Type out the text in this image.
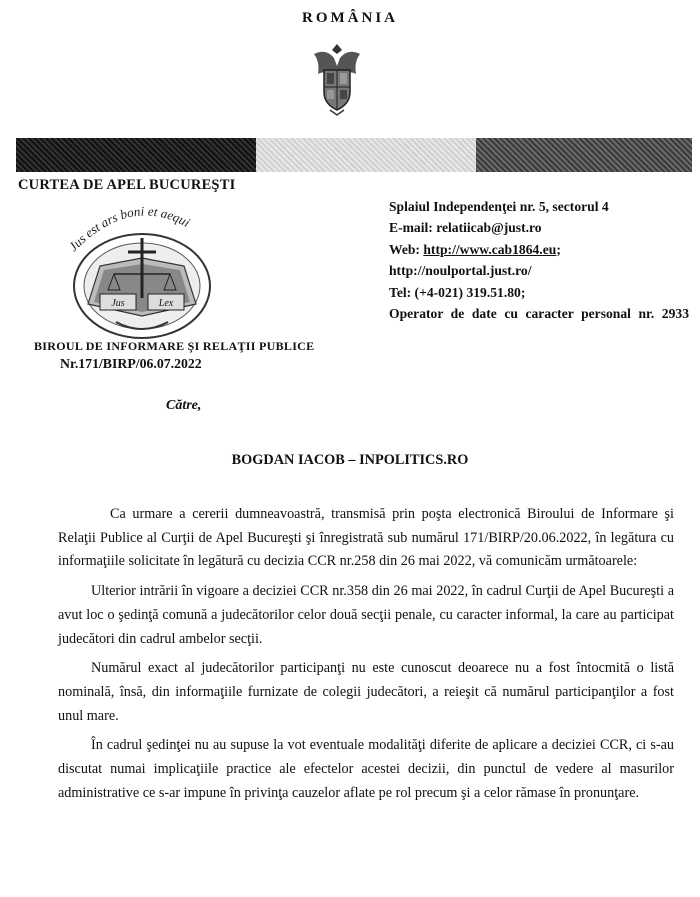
ROMÂNIA
CURTEA DE APEL BUCUREŞTI
Jus est ars boni et aequi
Jus	Lex
Splaiul Independenţei nr. 5, sectorul 4
E-mail: relatiicab@just.ro
Web: http://www.cab1864.eu;
http://noulportal.just.ro/
Tel: (+4-021) 319.51.80;
Operator de date cu caracter personal nr. 2933
BIROUL DE INFORMARE ŞI RELAŢII PUBLICE
Nr.171/BIRP/06.07.2022
Către,
BOGDAN IACOB – INPOLITICS.RO

Ca urmare a cererii dumneavoastră, transmisă prin poşta electronică Biroului de Informare şi Relaţii Publice al Curţii de Apel Bucureşti şi înregistrată sub numărul 171/BIRP/20.06.2022, în legătura cu informaţiile solicitate în legătură cu decizia CCR nr.258 din 26 mai 2022, vă comunicăm următoarele:

Ulterior intrării în vigoare a deciziei CCR nr.358 din 26 mai 2022, în cadrul Curţii de Apel Bucureşti a avut loc o şedinţă comună a judecătorilor celor două secţii penale, cu caracter informal, la care au participat judecători din cadrul ambelor secţii.

Numărul exact al judecătorilor participanţi nu este cunoscut deoarece nu a fost întocmită o listă nominală, însă, din informaţiile furnizate de colegii judecători, a reieşit că numărul participanţilor a fost unul mare.

În cadrul şedinţei nu au supuse la vot eventuale modalităţi diferite de aplicare a deciziei CCR, ci s-au discutat numai implicaţiile practice ale efectelor acestei decizii, din punctul de vedere al masurilor administrative ce s-ar impune în privinţa cauzelor aflate pe rol precum şi a celor rămase în pronunţare.
